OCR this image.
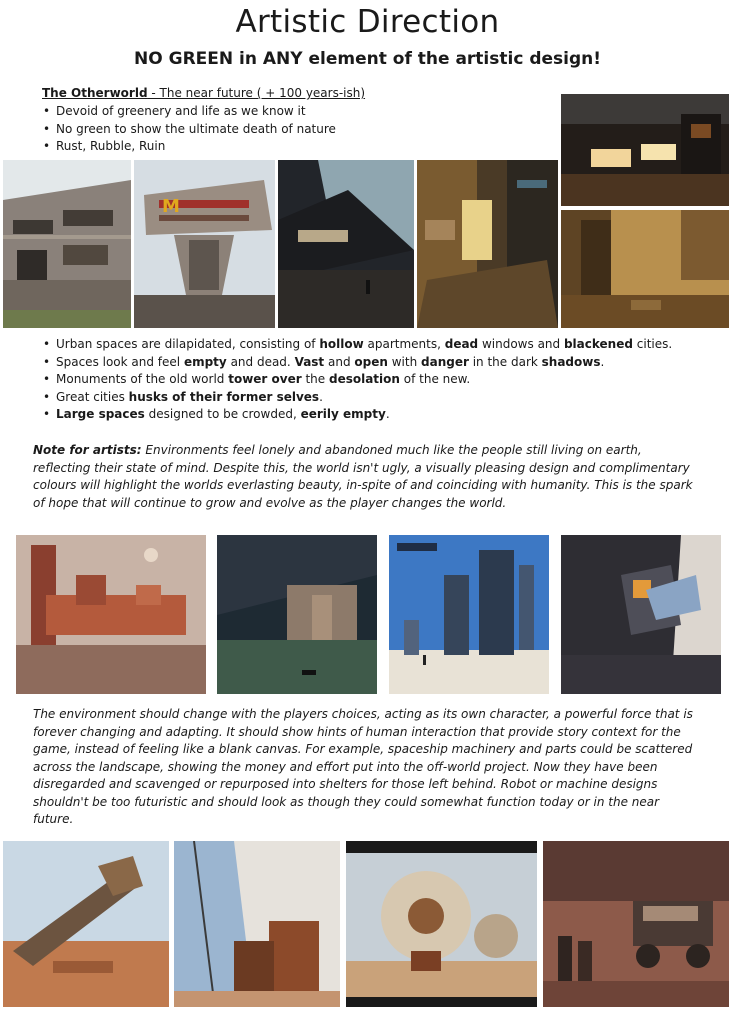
Artistic Direction
NO GREEN in ANY element of the artistic design!
The Otherworld - The near future ( + 100 years-ish)
• Devoid of greenery and life as we know it
• No green to show the ultimate death of nature
• Rust, Rubble, Ruin
M
• Urban spaces are dilapidated, consisting of hollow apartments, dead windows and blackened cities.
• Spaces look and feel empty and dead. Vast and open with danger in the dark shadows.
• Monuments of the old world tower over the desolation of the new.
• Great cities husks of their former selves.
• Large spaces designed to be crowded, eerily empty.
Note for artists: Environments feel lonely and abandoned much like the people still living on earth, reflecting their state of mind. Despite this, the world isn't ugly, a visually pleasing design and complimentary colours will highlight the worlds everlasting beauty, in-spite of and coinciding with humanity. This is the spark of hope that will continue to grow and evolve as the player changes the world.
The environment should change with the players choices, acting as its own character, a powerful force that is forever changing and adapting. It should show hints of human interaction that provide story context for the game, instead of feeling like a blank canvas. For example, spaceship machinery and parts could be scattered across the landscape, showing the money and effort put into the off-world project. Now they have been disregarded and scavenged or repurposed into shelters for those left behind. Robot or machine designs shouldn't be too futuristic and should look as though they could somewhat function today or in the near future.
